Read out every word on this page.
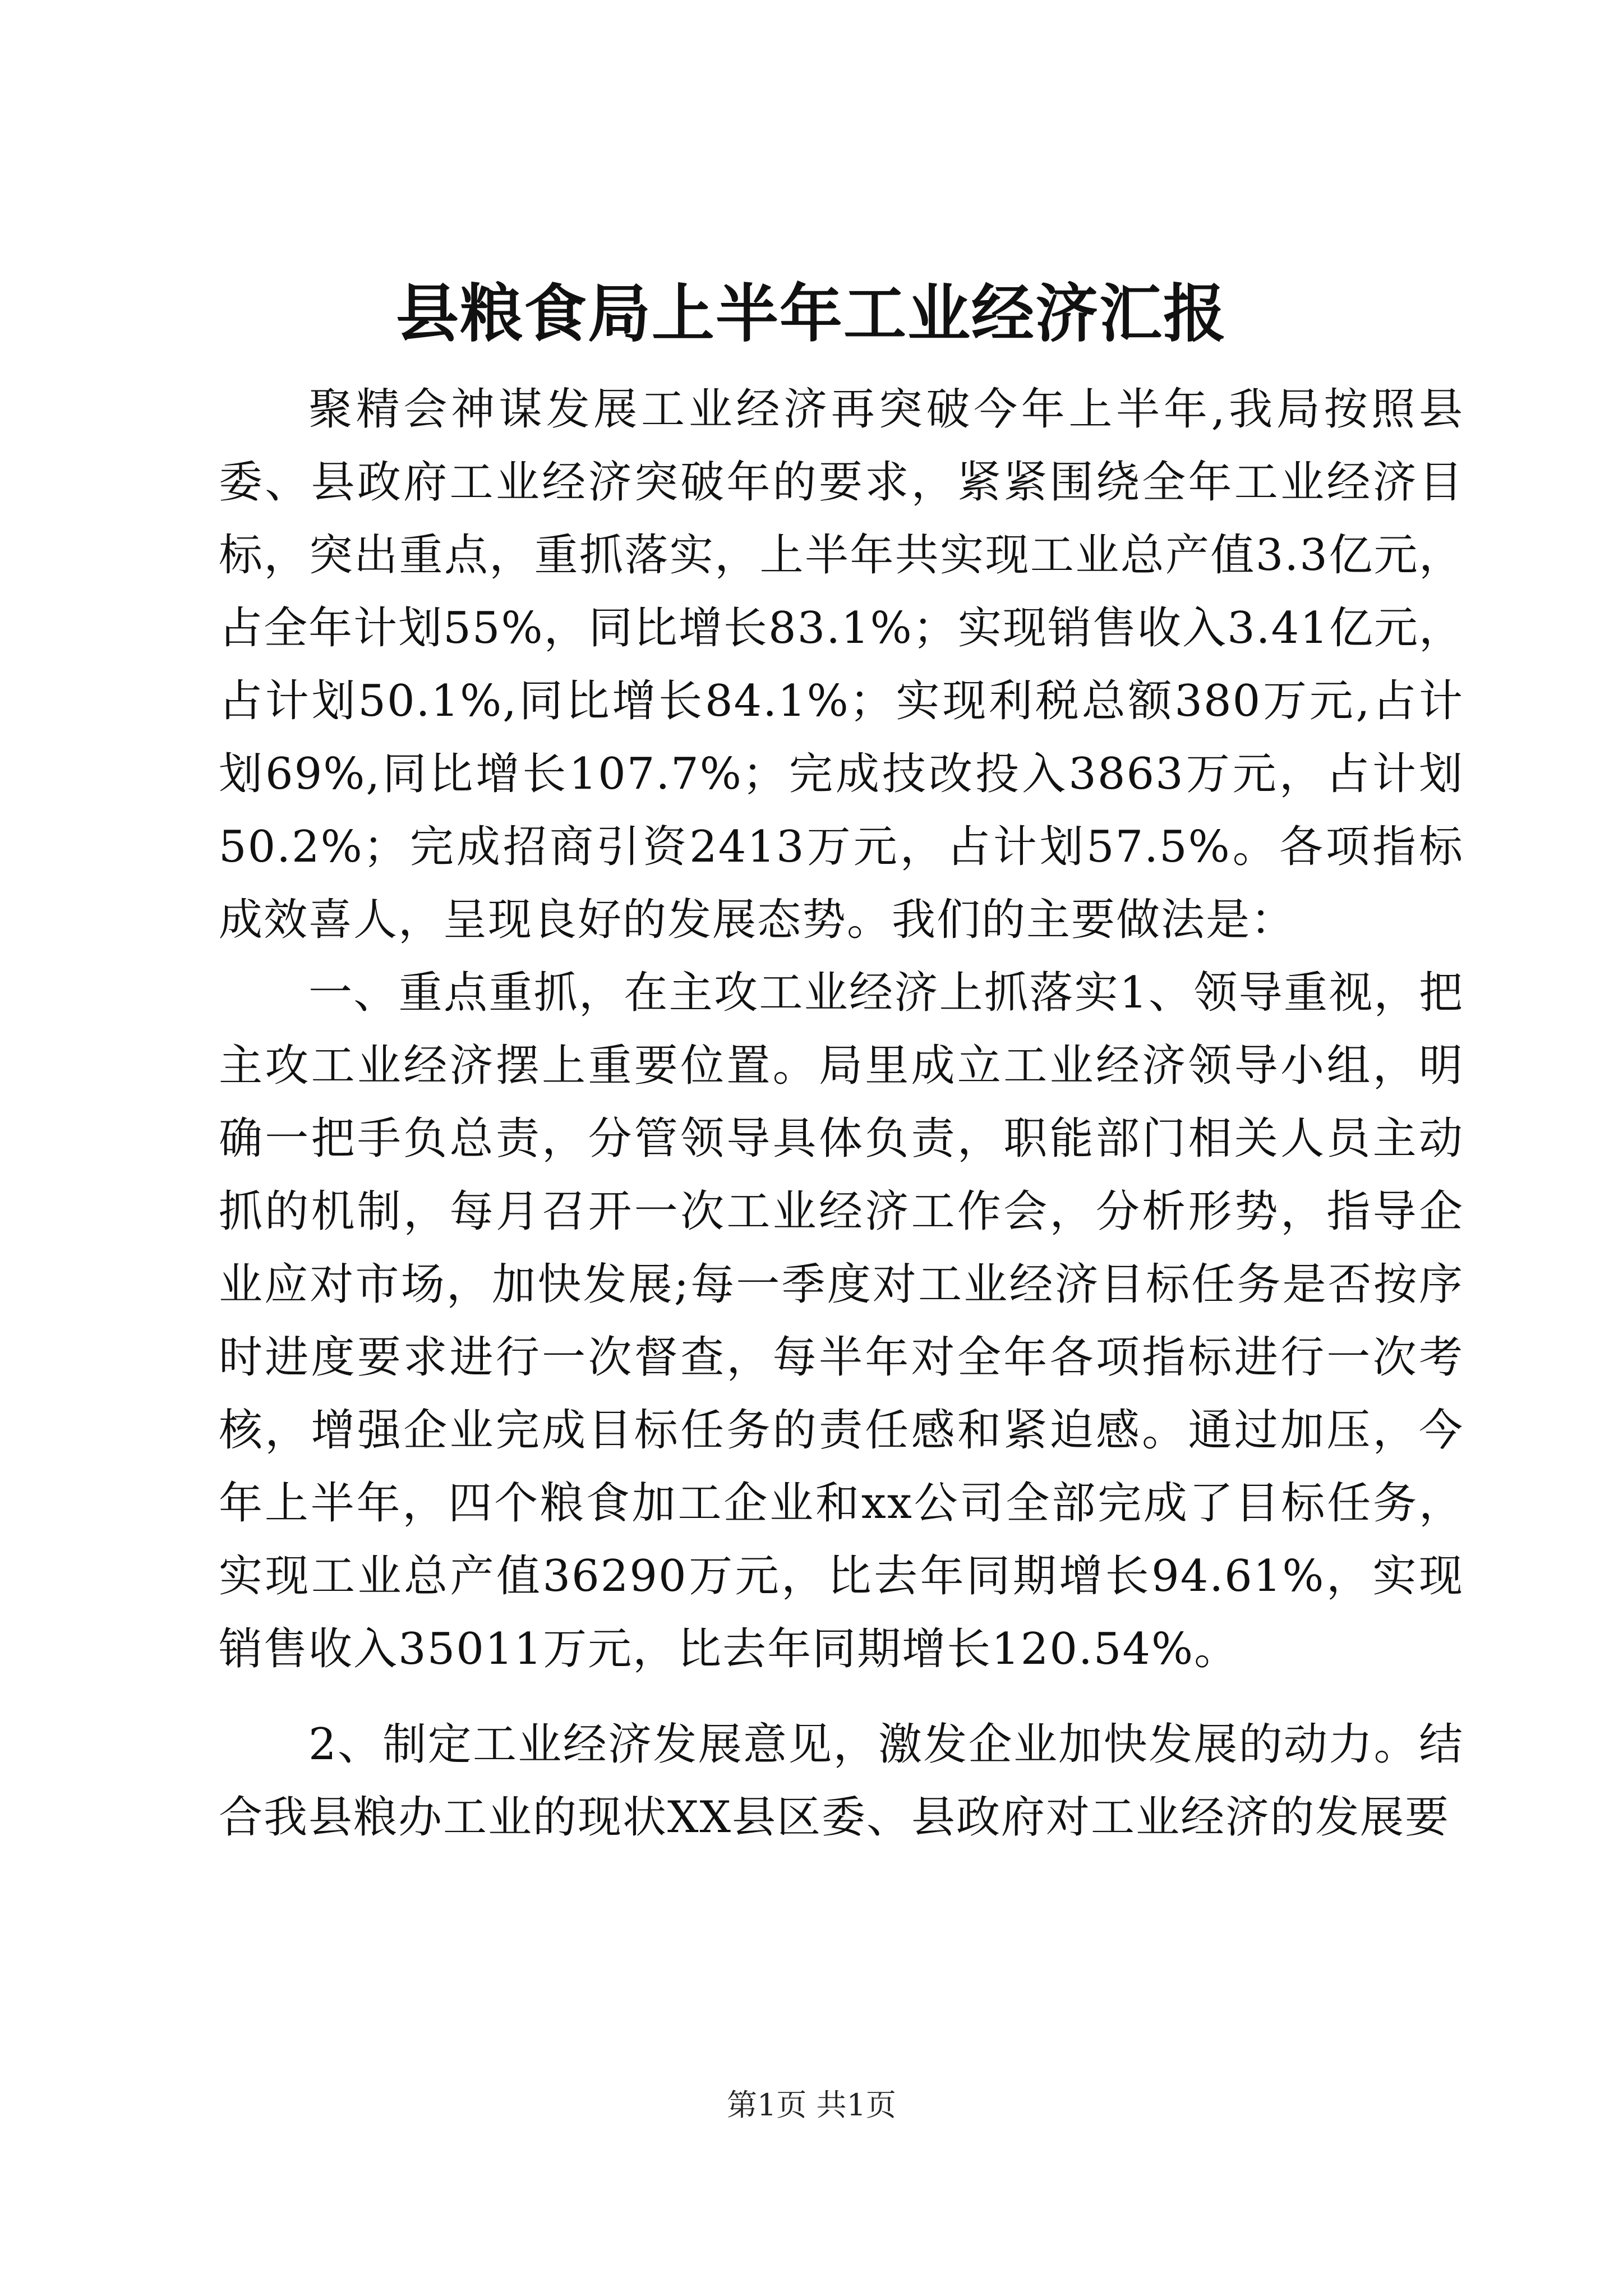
县粮食局上半年工业经济汇报

聚精会神谋发展工业经济再突破今年上半年,我局按照县委、县政府工业经济突破年的要求，紧紧围绕全年工业经济目标，突出重点，重抓落实，上半年共实现工业总产值3.3亿元，占全年计划55%，同比增长83.1%；实现销售收入3.41亿元，占计划50.1%,同比增长84.1%；实现利税总额380万元,占计划69%,同比增长107.7%；完成技改投入3863万元，占计划50.2%；完成招商引资2413万元，占计划57.5%。各项指标成效喜人，呈现良好的发展态势。我们的主要做法是：

一、重点重抓，在主攻工业经济上抓落实1、领导重视，把主攻工业经济摆上重要位置。局里成立工业经济领导小组，明确一把手负总责，分管领导具体负责，职能部门相关人员主动抓的机制，每月召开一次工业经济工作会，分析形势，指导企业应对市场，加快发展;每一季度对工业经济目标任务是否按序时进度要求进行一次督查，每半年对全年各项指标进行一次考核，增强企业完成目标任务的责任感和紧迫感。通过加压，今年上半年，四个粮食加工企业和xx公司全部完成了目标任务，实现工业总产值36290万元，比去年同期增长94.61%，实现销售收入35011万元，比去年同期增长120.54%。

2、制定工业经济发展意见，激发企业加快发展的动力。结合我县粮办工业的现状XX县区委、县政府对工业经济的发展要

第1页 共1页
